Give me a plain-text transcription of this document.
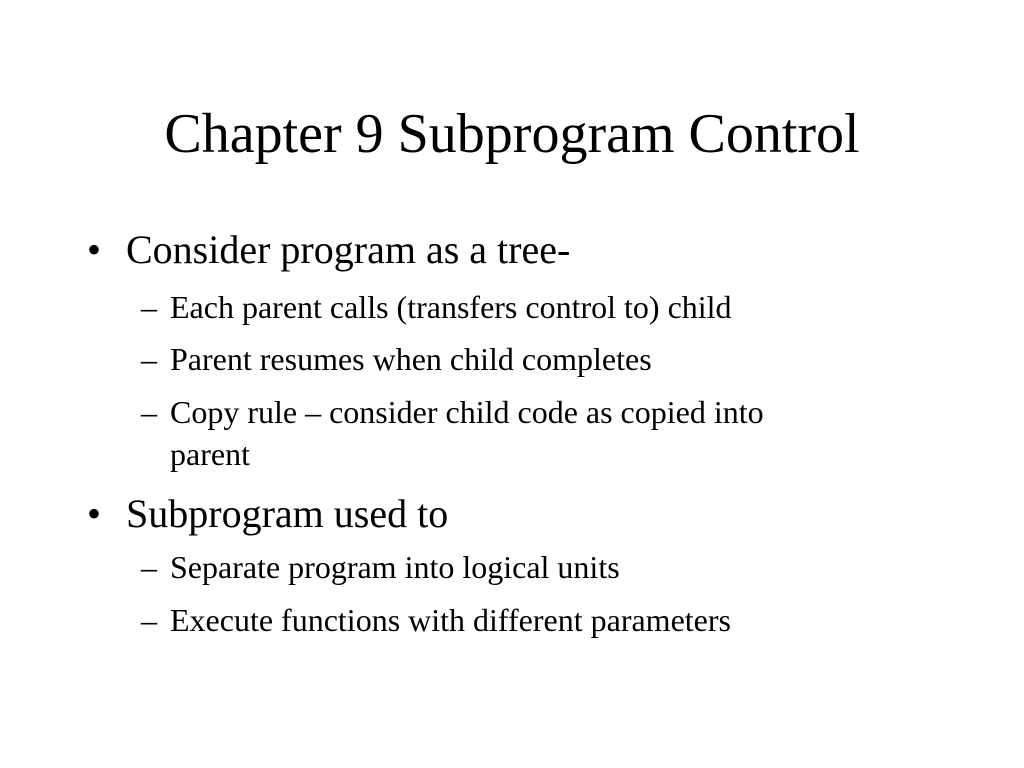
Chapter 9 Subprogram Control
• Consider program as a tree-
– Each parent calls (transfers control to) child
– Parent resumes when child completes
– Copy rule – consider child code as copied into
parent
• Subprogram used to
– Separate program into logical units
– Execute functions with different parameters
